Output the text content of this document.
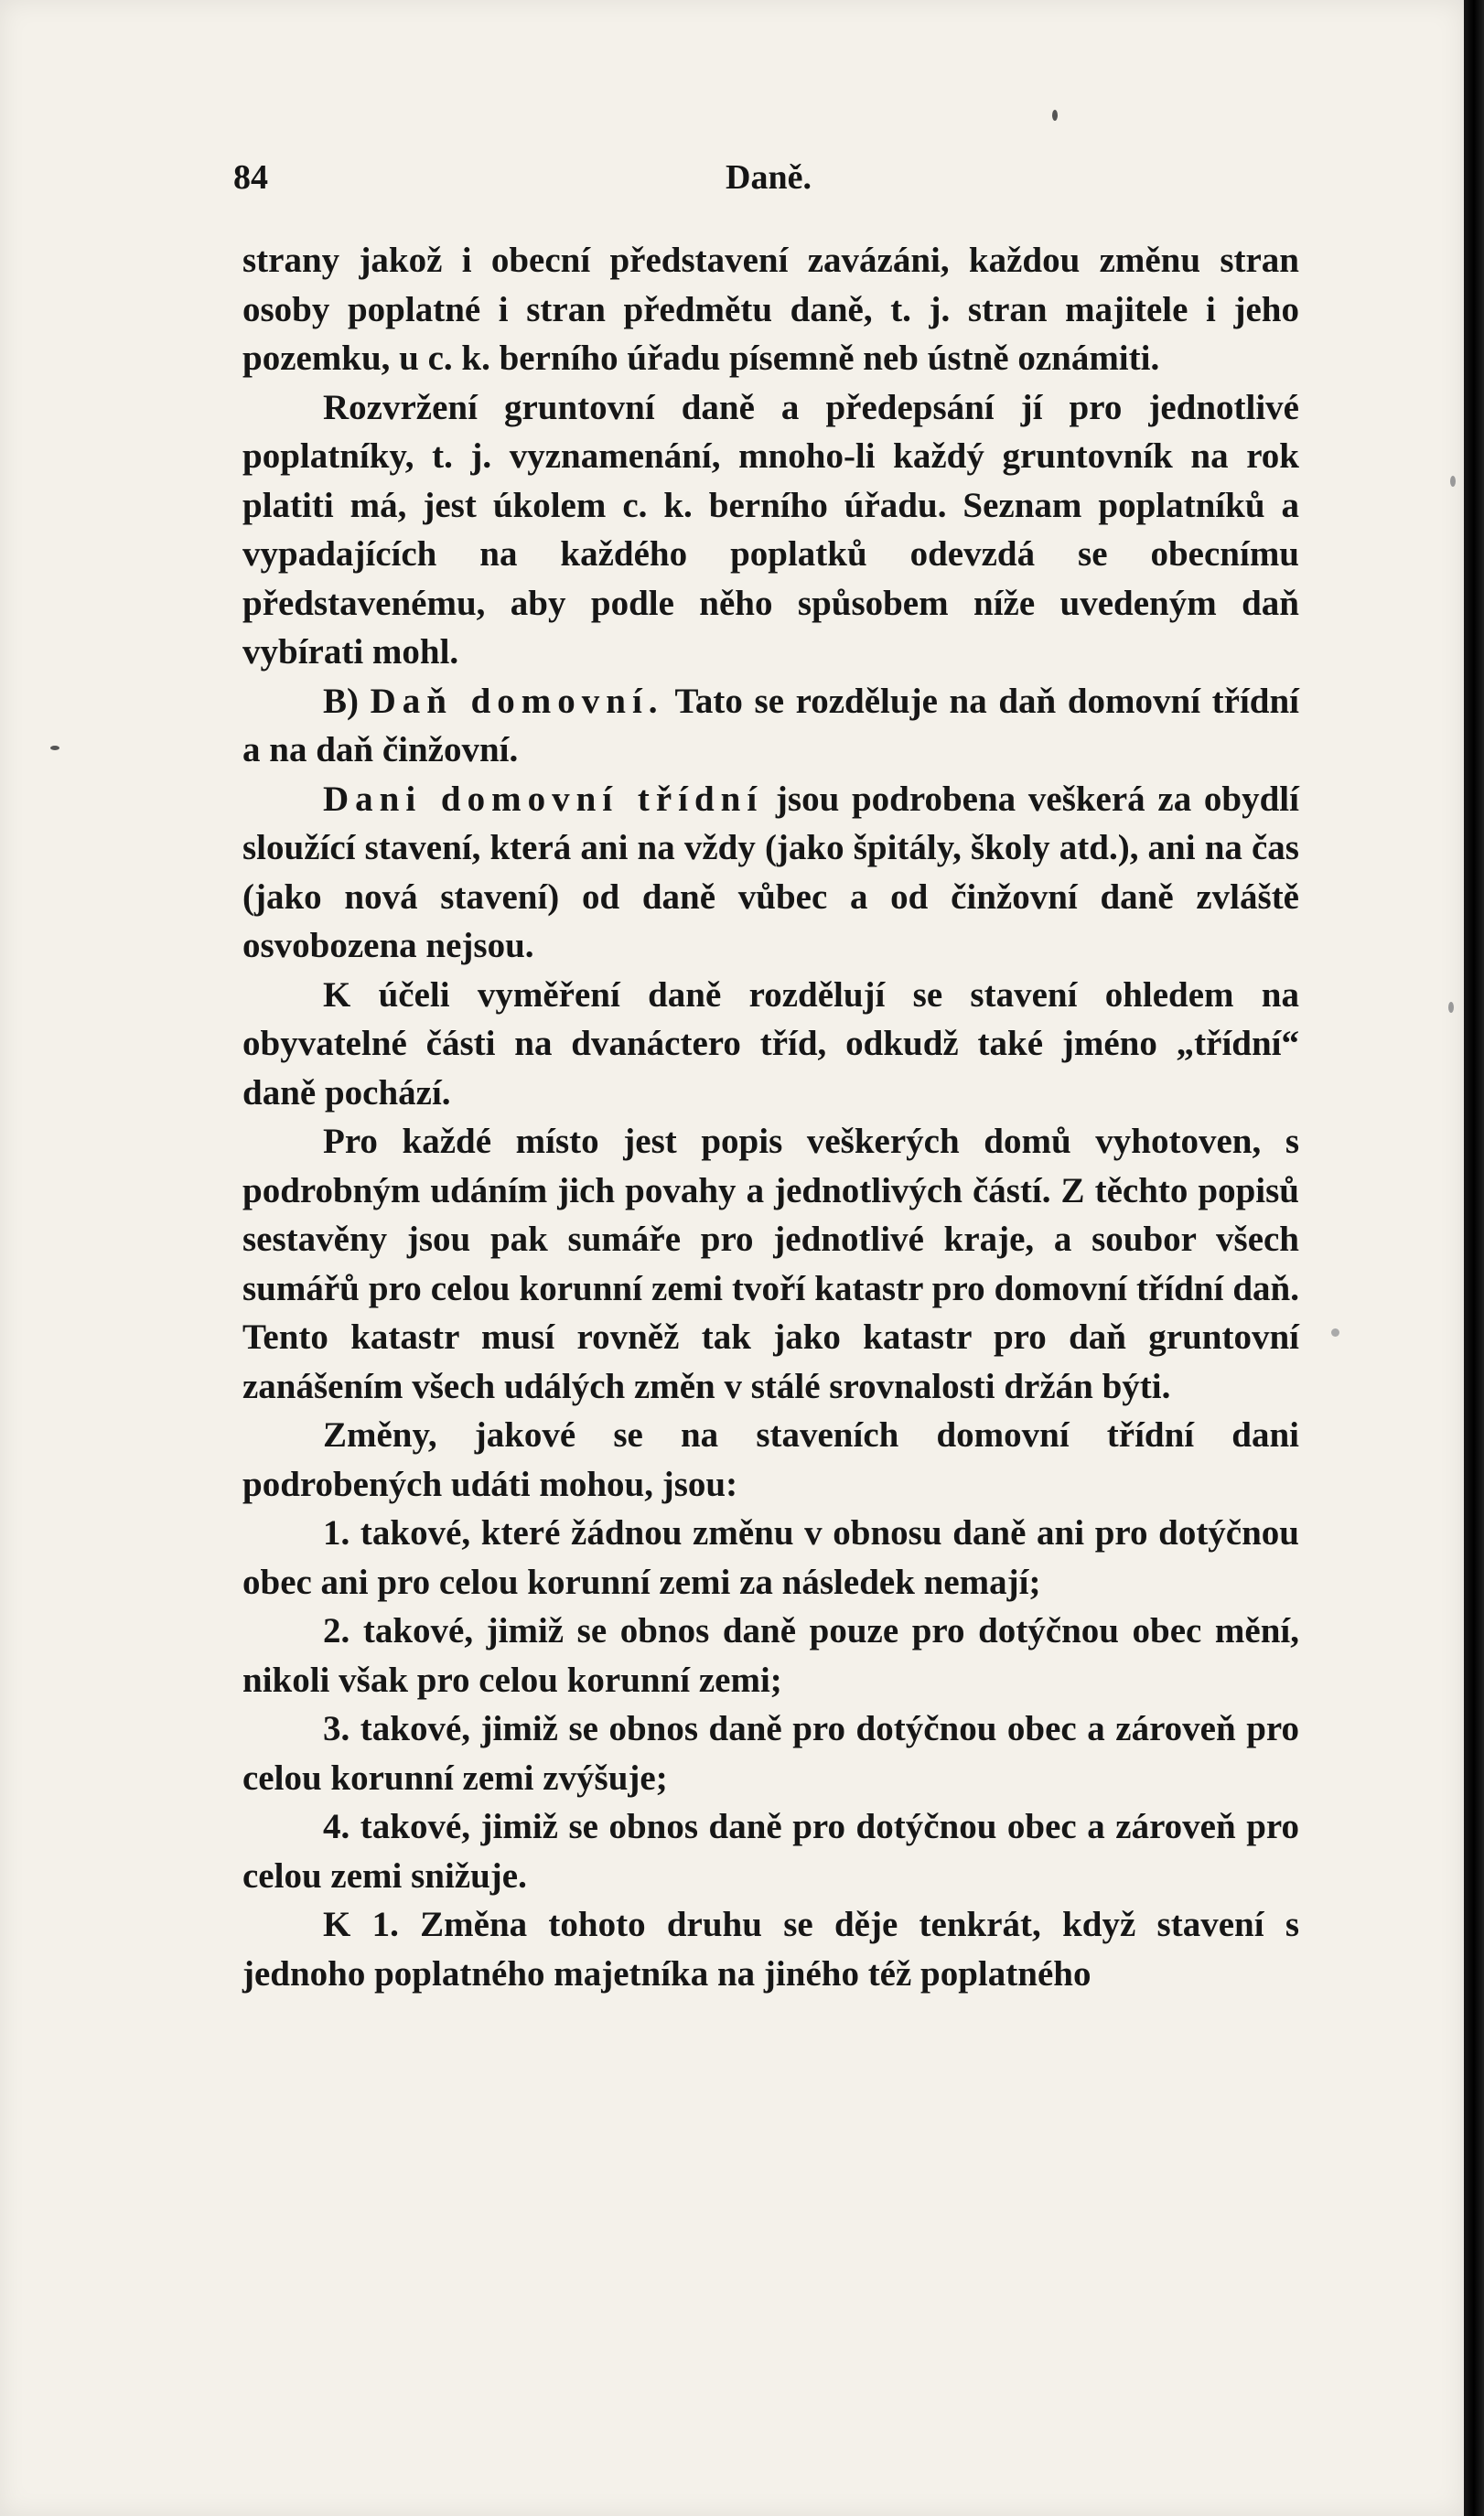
84	Daně.

strany jakož i obecní představení zavázáni, každou změnu stran osoby poplatné i stran předmětu daně, t. j. stran majitele i jeho pozemku, u c. k. berního úřadu písemně neb ústně oznámiti.

Rozvržení gruntovní daně a předepsání jí pro jednotlivé poplatníky, t. j. vyznamenání, mnoho-li každý gruntovník na rok platiti má, jest úkolem c. k. berního úřadu. Seznam poplatníků a vypadajících na každého poplatků odevzdá se obecnímu představenému, aby podle něho spůsobem níže uvedeným daň vybírati mohl.

B) Daň domovní. Tato se rozděluje na daň domovní třídní a na daň činžovní.

Dani domovní třídní jsou podrobena veškerá za obydlí sloužící stavení, která ani na vždy (jako špitály, školy atd.), ani na čas (jako nová stavení) od daně vůbec a od činžovní daně zvláště osvobozena nejsou.

K účeli vyměření daně rozdělují se stavení ohledem na obyvatelné části na dvanáctero tříd, odkudž také jméno „třídní“ daně pochází.

Pro každé místo jest popis veškerých domů vyhotoven, s podrobným udáním jich povahy a jednotlivých částí. Z těchto popisů sestavěny jsou pak sumáře pro jednotlivé kraje, a soubor všech sumářů pro celou korunní zemi tvoří katastr pro domovní třídní daň. Tento katastr musí rovněž tak jako katastr pro daň gruntovní zanášením všech událých změn v stálé srovnalosti držán býti.

Změny, jakové se na staveních domovní třídní dani podrobených udáti mohou, jsou:

1. takové, které žádnou změnu v obnosu daně ani pro dotýčnou obec ani pro celou korunní zemi za následek nemají;

2. takové, jimiž se obnos daně pouze pro dotýčnou obec mění, nikoli však pro celou korunní zemi;

3. takové, jimiž se obnos daně pro dotýčnou obec a zároveň pro celou korunní zemi zvýšuje;

4. takové, jimiž se obnos daně pro dotýčnou obec a zároveň pro celou zemi snižuje.

K 1. Změna tohoto druhu se děje tenkrát, když stavení s jednoho poplatného majetníka na jiného též poplatného
